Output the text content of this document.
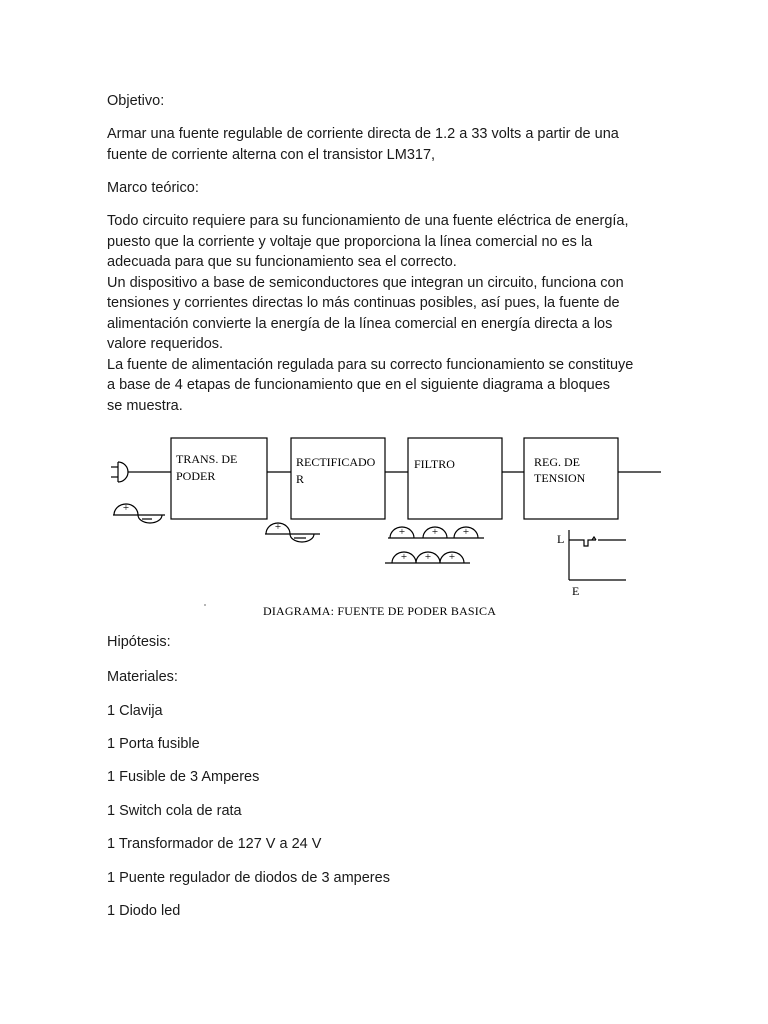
Objetivo:

Armar una fuente regulable de corriente directa de 1.2 a 33 volts a partir de una
fuente de corriente alterna con el transistor LM317,

Marco teórico:

Todo circuito requiere para su funcionamiento de una fuente eléctrica de energía,
puesto que la corriente y voltaje que proporciona la línea comercial no es la
adecuada para que su funcionamiento sea el correcto.
Un dispositivo a base de semiconductores que integran un circuito, funciona con
tensiones y corrientes directas lo más continuas posibles, así pues, la fuente de
alimentación convierte la energía de la línea comercial en energía directa a los
valore requeridos.
La fuente de alimentación regulada para su correcto funcionamiento se constituye
a base de 4 etapas de funcionamiento que en el siguiente diagrama a bloques
se muestra.
+
TRANS. DE
PODER
RECTIFICADO
R
FILTRO	REG. DE
TENSION
+	+ + +
+ + +
L
E
DIAGRAMA: FUENTE DE PODER BASICA

Hipótesis:

Materiales:

1 Clavija

1 Porta fusible

1 Fusible de 3 Amperes

1 Switch cola de rata

1 Transformador de 127 V a 24 V

1 Puente regulador de diodos de 3 amperes

1 Diodo led
